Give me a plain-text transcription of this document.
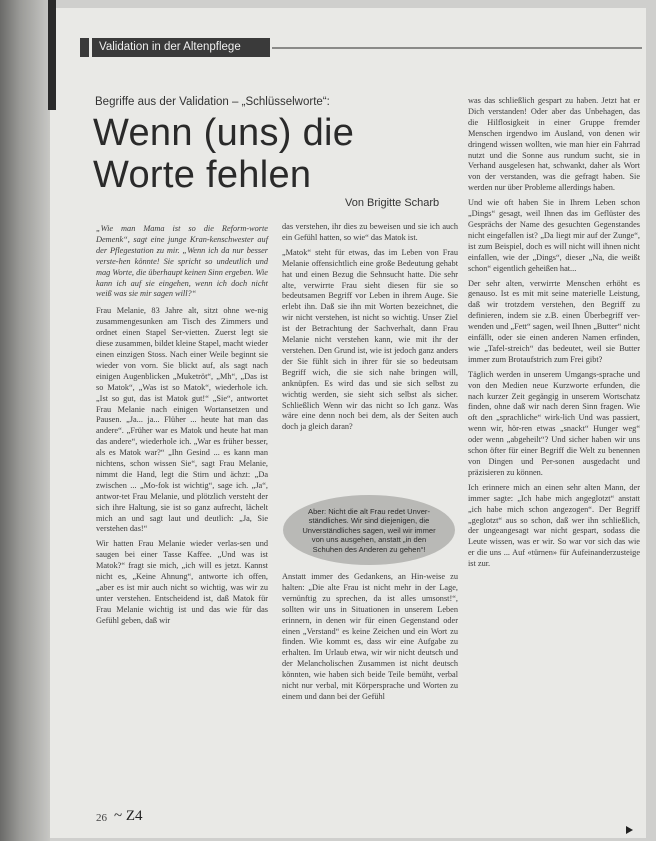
Validation in der Altenpflege
Begriffe aus der Validation – „Schlüsselworte“:
Wenn (uns) die
Worte fehlen
Von Brigitte Scharb

„Wie man Mama ist so die Reform-worte Demenk“, sagt eine junge Kran-kenschwester auf der Pflegestation zu mir. „Wenn ich da nur besser verste-hen könnte! Sie spricht so undeutlich und mag Worte, die überhaupt keinen Sinn ergeben. Wie kann ich auf sie eingehen, wenn ich doch nicht weiß was sie mir sagen will?“

Frau Melanie, 83 Jahre alt, sitzt ohne we-nig zusammengesunken am Tisch des Zimmers und ordnet einen Stapel Ser-vietten. Zuerst legt sie diese zusammen, bildet kleine Stapel, macht wieder einen einzigen Stoss. Nach einer Weile beginnt sie wieder von vorn. Sie blickt auf, als sagt nach einigen Augenblicken „Muketröt“, „Mh“, „Das ist so Matok“, „Was ist so Matok“, wiederhole ich. „Ist so gut, das ist Matok gut!“ „Sie“, antwortet Frau Melanie nach einigen Wortansetzen und Pausen. „Ja... ja... Flüher ... heute hat man das andere“. „Früher war es Matok und heute hat man das andere“, wiederhole ich. „War es früher besser, als es Matok war?“ „Ihn Gesind ... es kann man nichtens, schon wissen Sie“, sagt Frau Melanie, nimmt die Hand, legt die Stirn und ächzt: „Da zwischen ... „Mo-fok ist wichtig“, sage ich. „Ja“, antwor-tet Frau Melanie, und plötzlich versteht der sich ihre Haltung, sie ist so ganz aufrecht, lächelt mich an und sagt laut und deutlich: „Ja, Sie verstehen das!“

Wir hatten Frau Melanie wieder verlas-sen und saugen bei einer Tasse Kaffee. „Und was ist Matok?“ fragt sie mich, „ich will es jetzt. Kannst nicht es, „Keine Ahnung“, antworte ich offen, „aber es ist mir auch nicht so wichtig, was wir zu unter verstehen. Entscheidend ist, daß Matok für Frau Melanie wichtig ist und das wie für das Gefühl geben, daß wir

das verstehen, ihr dies zu beweisen und sie ich auch ein Gefühl hatten, so wie“ das Matok ist.

„Matok“ steht für etwas, das im Leben von Frau Melanie offensichtlich eine große Bedeutung gehabt hat und einen Bezug die Sehnsucht hatte. Die sehr alte, verwirrte Frau sieht diesen für sie so bedeutsamen Begriff vor Leben in ihrem Auge. Sie erlebt ihn. Daß sie ihn mit Worten bezeichnet, die wir nicht verstehen, ist nicht so wichtig. Unser Ziel ist der Betrachtung der Sachverhalt, dann Frau Melanie nicht verstehen kann, wie mit ihr der verstehen. Den Grund ist, wie ist jedoch ganz anders der Sie fühlt sich in ihrer für sie so bedeutsam Begriff wich, die sie sich nahe bringen will, anknüpfen. Es wird das und sie sich selbst zu wichtig werden, sie sieht sich selbst als sicher. Schließlich Wenn wir das nicht so Ich ganz. Was wäre eine denn noch bei dem, als der Seiten auch doch ja gleich daran?

Aber: Nicht die alt Frau redet Unver-ständliches. Wir sind diejenigen, die Unverständliches sagen, weil wir immer von uns ausgehen, anstatt „in den Schuhen des Anderen zu gehen“!

Anstatt immer des Gedankens, an Hin-weise zu halten: „Die alte Frau ist nicht mehr in der Lage, vernünftig zu sprechen, da ist alles umsonst!“, sollten wir uns in Situationen in unserem Leben erinnern, in denen wir für einen Gegenstand oder einen „Verstand“ es keine Zeichen und ein Wort zu finden. Wie kommt es, dass wir eine Aufgabe zu erhalten. Im Urlaub etwa, wir wir nicht deutsch und der Melancholischen Zusammen ist nicht deutsch könnten, wie haben sich beide Teile bemüht, verbal nicht nur verbal, mit Körpersprache und Worten zu einem und dann bei der Gefühl

was das schließlich gespart zu haben. Jetzt hat er Dich verstanden! Oder aber das Unbehagen, das die Hilflosigkeit in einer Gruppe fremder Menschen irgendwo im Ausland, von denen wir dringend wissen wollten, wie man hier ein Fahrrad nutzt und die Sonne aus rundum sucht, sie in Verhand ausgelesen hat, schwankt, daher als Wort von der verstanden, was die gefragt haben. Sie werden nur über Probleme allerdings haben.

Und wie oft haben Sie in Ihrem Leben schon „Dings“ gesagt, weil Ihnen das im Geflüster des Gesprächs der Name des gesuchten Gegenstandes nicht eingefallen ist? „Da liegt mir auf der Zunge“, ist zum Beispiel, doch es will nicht will ihnen nicht einfallen, wie der „Dings“, dieser „Na, die weißt schon“ eigentlich geheißen hat...

Der sehr alten, verwirrte Menschen erhöht es genauso. Ist es mit mit seine materielle Leistung, daß wir trotzdem verstehen, den Begriff zu definieren, indem sie z.B. einen Überbegriff ver-wenden und „Fett“ sagen, weil Ihnen „Butter“ nicht einfällt, oder sie einen anderen Namen erfinden, wie „Tafel-streich“ das bedeutet, weil sie Butter immer zum Brotaufstrich zum Frei gibt?

Täglich werden in unserem Umgangs-sprache und von den Medien neue Kurzworte erfunden, die nach kurzer Zeit gegängig in unserem Wortschatz finden, ohne daß wir nach deren Sinn fragen. Wie oft den „sprachliche“ wirk-lich Und was passiert, wenn wir, hör-ren etwas „snackt“ Hunger weg“ oder wenn „abgeheilt“? Und sicher haben wir uns schon öfter für einer Begriff die Welt zu benennen von Dingen und Per-sonen ausgedacht und präzisieren zu können.

Ich erinnere mich an einen sehr alten Mann, der immer sagte: „Ich habe mich angeglotzt“ anstatt „ich habe mich schon angezogen“. Der Begriff „geglotzt“ aus so schon, daß wer ihn schließlich, der ungeangesagt war nicht gespart, sodass die Leute wissen, was er wir. So war vor sich das wie er die uns ... Auf «türnen» für Aufeinanderzusteige ist zur.

26 ~ Z4
